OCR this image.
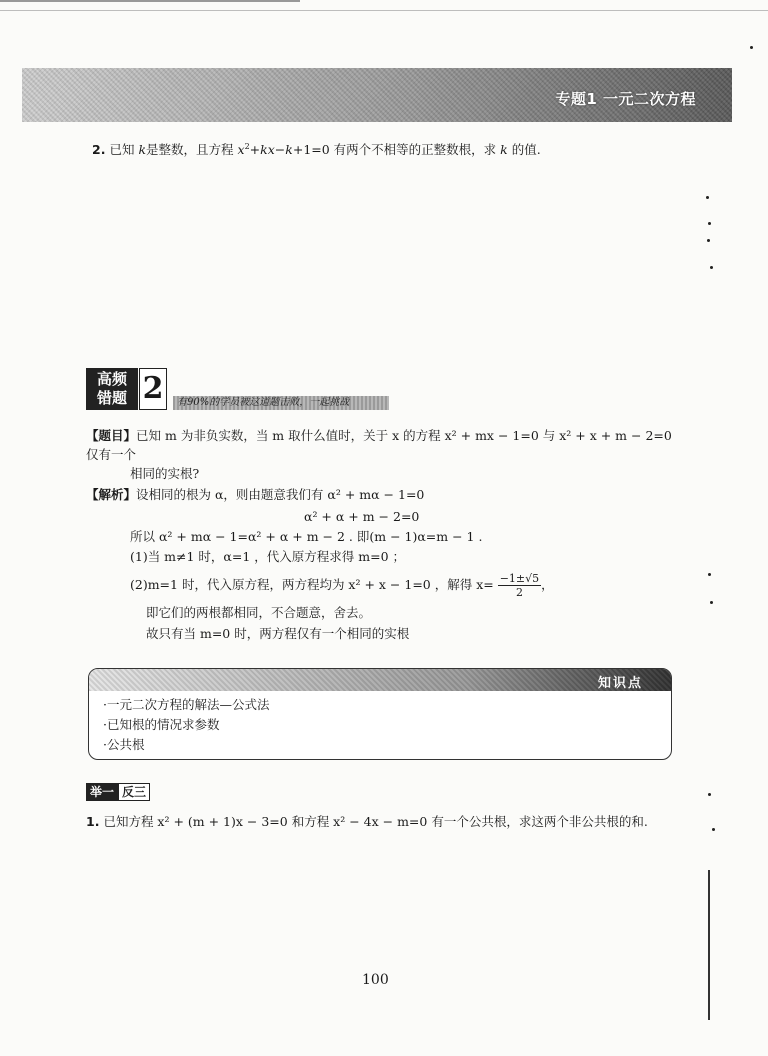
专题1 一元二次方程
2. 已知 k是整数，且方程 $x^2+kx-k+1=0$ 有两个不相等的正整数根，求 k 的值.
高频
错题 2	有90%的学员被这道题击败，一起挑战
【题目】已知 m 为非负实数，当 m 取什么值时，关于 x 的方程 x² + mx − 1=0 与 x² + x + m − 2=0 仅有一个
相同的实根?
【解析】设相同的根为 α，则由题意我们有 α² + mα − 1=0
α² + α + m − 2=0
所以 α² + mα − 1=α² + α + m − 2 . 即(m − 1)α=m − 1 .
(1)当 m≠1 时，α=1 ，代入原方程求得 m=0 ；
(2)m=1 时，代入原方程，两方程均为 x² + x − 1=0 ，解得 $x= \frac{-1\pm√5}{2}$ ，
即它们的两根都相同，不合题意，舍去。
故只有当 m=0 时，两方程仅有一个相同的实根
知识点
·一元二次方程的解法—公式法
·已知根的情况求参数
·公共根
举一 反三
1. 已知方程 x² + (m + 1)x − 3=0 和方程 x² − 4x − m=0 有一个公共根，求这两个非公共根的和.
100
